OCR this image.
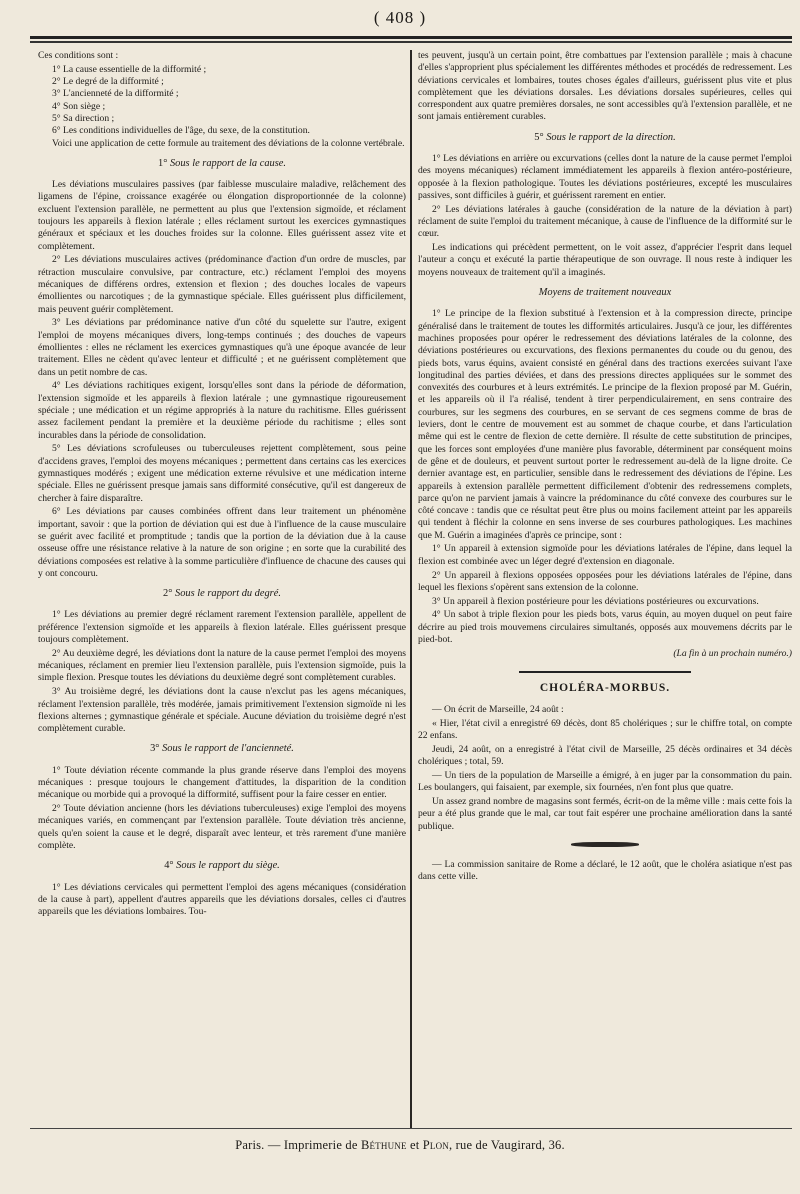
( 408 )

Ces conditions sont :

1° La cause essentielle de la difformité ;

2° Le degré de la difformité ;

3° L'ancienneté de la difformité ;

4° Son siège ;

5° Sa direction ;

6° Les conditions individuelles de l'âge, du sexe, de la constitution.

Voici une application de cette formule au traitement des déviations de la colonne vertébrale.

1° Sous le rapport de la cause.

Les déviations musculaires passives (par faiblesse musculaire maladive, relâchement des ligamens de l'épine, croissance exagérée ou élongation disproportionnée de la colonne) excluent l'extension parallèle, ne permettent au plus que l'extension sigmoïde, et réclament toujours les appareils à flexion latérale ; elles réclament surtout les exercices gymnastiques généraux et spéciaux et les douches froides sur la colonne. Elles guérissent assez vite et complètement.

2° Les déviations musculaires actives (prédominance d'action d'un ordre de muscles, par rétraction musculaire convulsive, par contracture, etc.) réclament l'emploi des moyens mécaniques de différens ordres, extension et flexion ; des douches locales de vapeurs émollientes ou narcotiques ; de la gymnastique spéciale. Elles guérissent plus difficilement, mais peuvent guérir complètement.

3° Les déviations par prédominance native d'un côté du squelette sur l'autre, exigent l'emploi de moyens mécaniques divers, long-temps continués ; des douches de vapeurs émollientes : elles ne réclament les exercices gymnastiques qu'à une époque avancée de leur traitement. Elles ne cèdent qu'avec lenteur et difficulté ; et ne guérissent complètement que dans un petit nombre de cas.

4° Les déviations rachitiques exigent, lorsqu'elles sont dans la période de déformation, l'extension sigmoïde et les appareils à flexion latérale ; une gymnastique rigoureusement spéciale ; une médication et un régime appropriés à la nature du rachitisme. Elles guérissent assez facilement pendant la première et la deuxième période du rachitisme ; elles sont incurables dans la période de consolidation.

5° Les déviations scrofuleuses ou tuberculeuses rejettent complètement, sous peine d'accidens graves, l'emploi des moyens mécaniques ; permettent dans certains cas les exercices gymnastiques modérés ; exigent une médication externe révulsive et une médication interne spéciale. Elles ne guérissent presque jamais sans difformité consécutive, qu'il est dangereux de chercher à faire disparaître.

6° Les déviations par causes combinées offrent dans leur traitement un phénomène important, savoir : que la portion de déviation qui est due à l'influence de la cause musculaire se guérit avec facilité et promptitude ; tandis que la portion de la déviation due à la cause osseuse offre une résistance relative à la nature de son origine ; en sorte que la curabilité des déviations composées est relative à la somme particulière d'influence de chacune des causes qui y ont concouru.

2° Sous le rapport du degré.

1° Les déviations au premier degré réclament rarement l'extension parallèle, appellent de préférence l'extension sigmoïde et les appareils à flexion latérale. Elles guérissent presque toujours complètement.

2° Au deuxième degré, les déviations dont la nature de la cause permet l'emploi des moyens mécaniques, réclament en premier lieu l'extension parallèle, puis l'extension sigmoïde, puis la simple flexion. Presque toutes les déviations du deuxième degré sont complètement curables.

3° Au troisième degré, les déviations dont la cause n'exclut pas les agens mécaniques, réclament l'extension parallèle, très modérée, jamais primitivement l'extension sigmoïde ni les flexions alternes ; gymnastique générale et spéciale. Aucune déviation du troisième degré n'est complètement curable.

3° Sous le rapport de l'ancienneté.

1° Toute déviation récente commande la plus grande réserve dans l'emploi des moyens mécaniques : presque toujours le changement d'attitudes, la disparition de la condition mécanique ou morbide qui a provoqué la difformité, suffisent pour la faire cesser en entier.

2° Toute déviation ancienne (hors les déviations tuberculeuses) exige l'emploi des moyens mécaniques variés, en commençant par l'extension parallèle. Toute déviation très ancienne, quels qu'en soient la cause et le degré, disparaît avec lenteur, et très rarement d'une manière complète.

4° Sous le rapport du siège.

1° Les déviations cervicales qui permettent l'emploi des agens mécaniques (considération de la cause à part), appellent d'autres appareils que les déviations dorsales, celles ci d'autres appareils que les déviations lombaires. Tou-

tes peuvent, jusqu'à un certain point, être combattues par l'extension parallèle ; mais à chacune d'elles s'approprient plus spécialement les différentes méthodes et procédés de redressement. Les déviations cervicales et lombaires, toutes choses égales d'ailleurs, guérissent plus vite et plus complètement que les déviations dorsales. Les déviations dorsales supérieures, celles qui correspondent aux quatre premières dorsales, ne sont accessibles qu'à l'extension parallèle, et ne sont jamais entièrement curables.

5° Sous le rapport de la direction.

1° Les déviations en arrière ou excurvations (celles dont la nature de la cause permet l'emploi des moyens mécaniques) réclament immédiatement les appareils à flexion antéro-postérieure, opposée à la flexion pathologique. Toutes les déviations postérieures, excepté les musculaires passives, sont difficiles à guérir, et guérissent rarement en entier.

2° Les déviations latérales à gauche (considération de la nature de la déviation à part) réclament de suite l'emploi du traitement mécanique, à cause de l'influence de la difformité sur le cœur.

Les indications qui précèdent permettent, on le voit assez, d'apprécier l'esprit dans lequel l'auteur a conçu et exécuté la partie thérapeutique de son ouvrage. Il nous reste à indiquer les moyens nouveaux de traitement qu'il a imaginés.

Moyens de traitement nouveaux

1° Le principe de la flexion substitué à l'extension et à la compression directe, principe généralisé dans le traitement de toutes les difformités articulaires. Jusqu'à ce jour, les différentes machines proposées pour opérer le redressement des déviations latérales de la colonne, des déviations postérieures ou excurvations, des flexions permanentes du coude ou du genou, des pieds bots, varus équins, avaient consisté en général dans des tractions exercées suivant l'axe longitudinal des parties déviées, et dans des pressions directes appliquées sur le sommet des convexités des courbures et à leurs extrémités. Le principe de la flexion proposé par M. Guérin, et les appareils où il l'a réalisé, tendent à tirer perpendiculairement, en sens contraire des courbures, sur les segmens des courbures, en se servant de ces segmens comme de bras de leviers, dont le centre de mouvement est au sommet de chaque courbe, et dans l'articulation même qui est le centre de flexion de cette dernière. Il résulte de cette substitution de principes, que les forces sont employées d'une manière plus favorable, déterminent par conséquent moins de gêne et de douleurs, et peuvent surtout porter le redressement au-delà de la ligne droite. Ce dernier avantage est, en particulier, sensible dans le redressement des déviations de l'épine. Les appareils à extension parallèle permettent difficilement d'obtenir des redressemens complets, parce qu'on ne parvient jamais à vaincre la prédominance du côté convexe des courbures sur le côté concave : tandis que ce résultat peut être plus ou moins facilement atteint par les appareils qui tendent à fléchir la colonne en sens inverse de ses courbures pathologiques. Les machines que M. Guérin a imaginées d'après ce principe, sont :

1° Un appareil à extension sigmoïde pour les déviations latérales de l'épine, dans lequel la flexion est combinée avec un léger degré d'extension en diagonale.

2° Un appareil à flexions opposées opposées pour les déviations latérales de l'épine, dans lequel les flexions s'opèrent sans extension de la colonne.

3° Un appareil à flexion postérieure pour les déviations postérieures ou excurvations.

4° Un sabot à triple flexion pour les pieds bots, varus équin, au moyen duquel on peut faire décrire au pied trois mouvemens circulaires simultanés, opposés aux mouvemens décrits par le pied-bot.

(La fin à un prochain numéro.)
CHOLÉRA-MORBUS.

— On écrit de Marseille, 24 août :

« Hier, l'état civil a enregistré 69 décès, dont 85 cholériques ; sur le chiffre total, on compte 22 enfans.

Jeudi, 24 août, on a enregistré à l'état civil de Marseille, 25 décès ordinaires et 34 décès cholériques ; total, 59.

— Un tiers de la population de Marseille a émigré, à en juger par la consommation du pain. Les boulangers, qui faisaient, par exemple, six fournées, n'en font plus que quatre.

Un assez grand nombre de magasins sont fermés, écrit-on de la même ville : mais cette fois la peur a été plus grande que le mal, car tout fait espérer une prochaine amélioration dans la santé publique.

— La commission sanitaire de Rome a déclaré, le 12 août, que le choléra asiatique n'est pas dans cette ville.

Paris. — Imprimerie de Béthune et Plon, rue de Vaugirard, 36.
